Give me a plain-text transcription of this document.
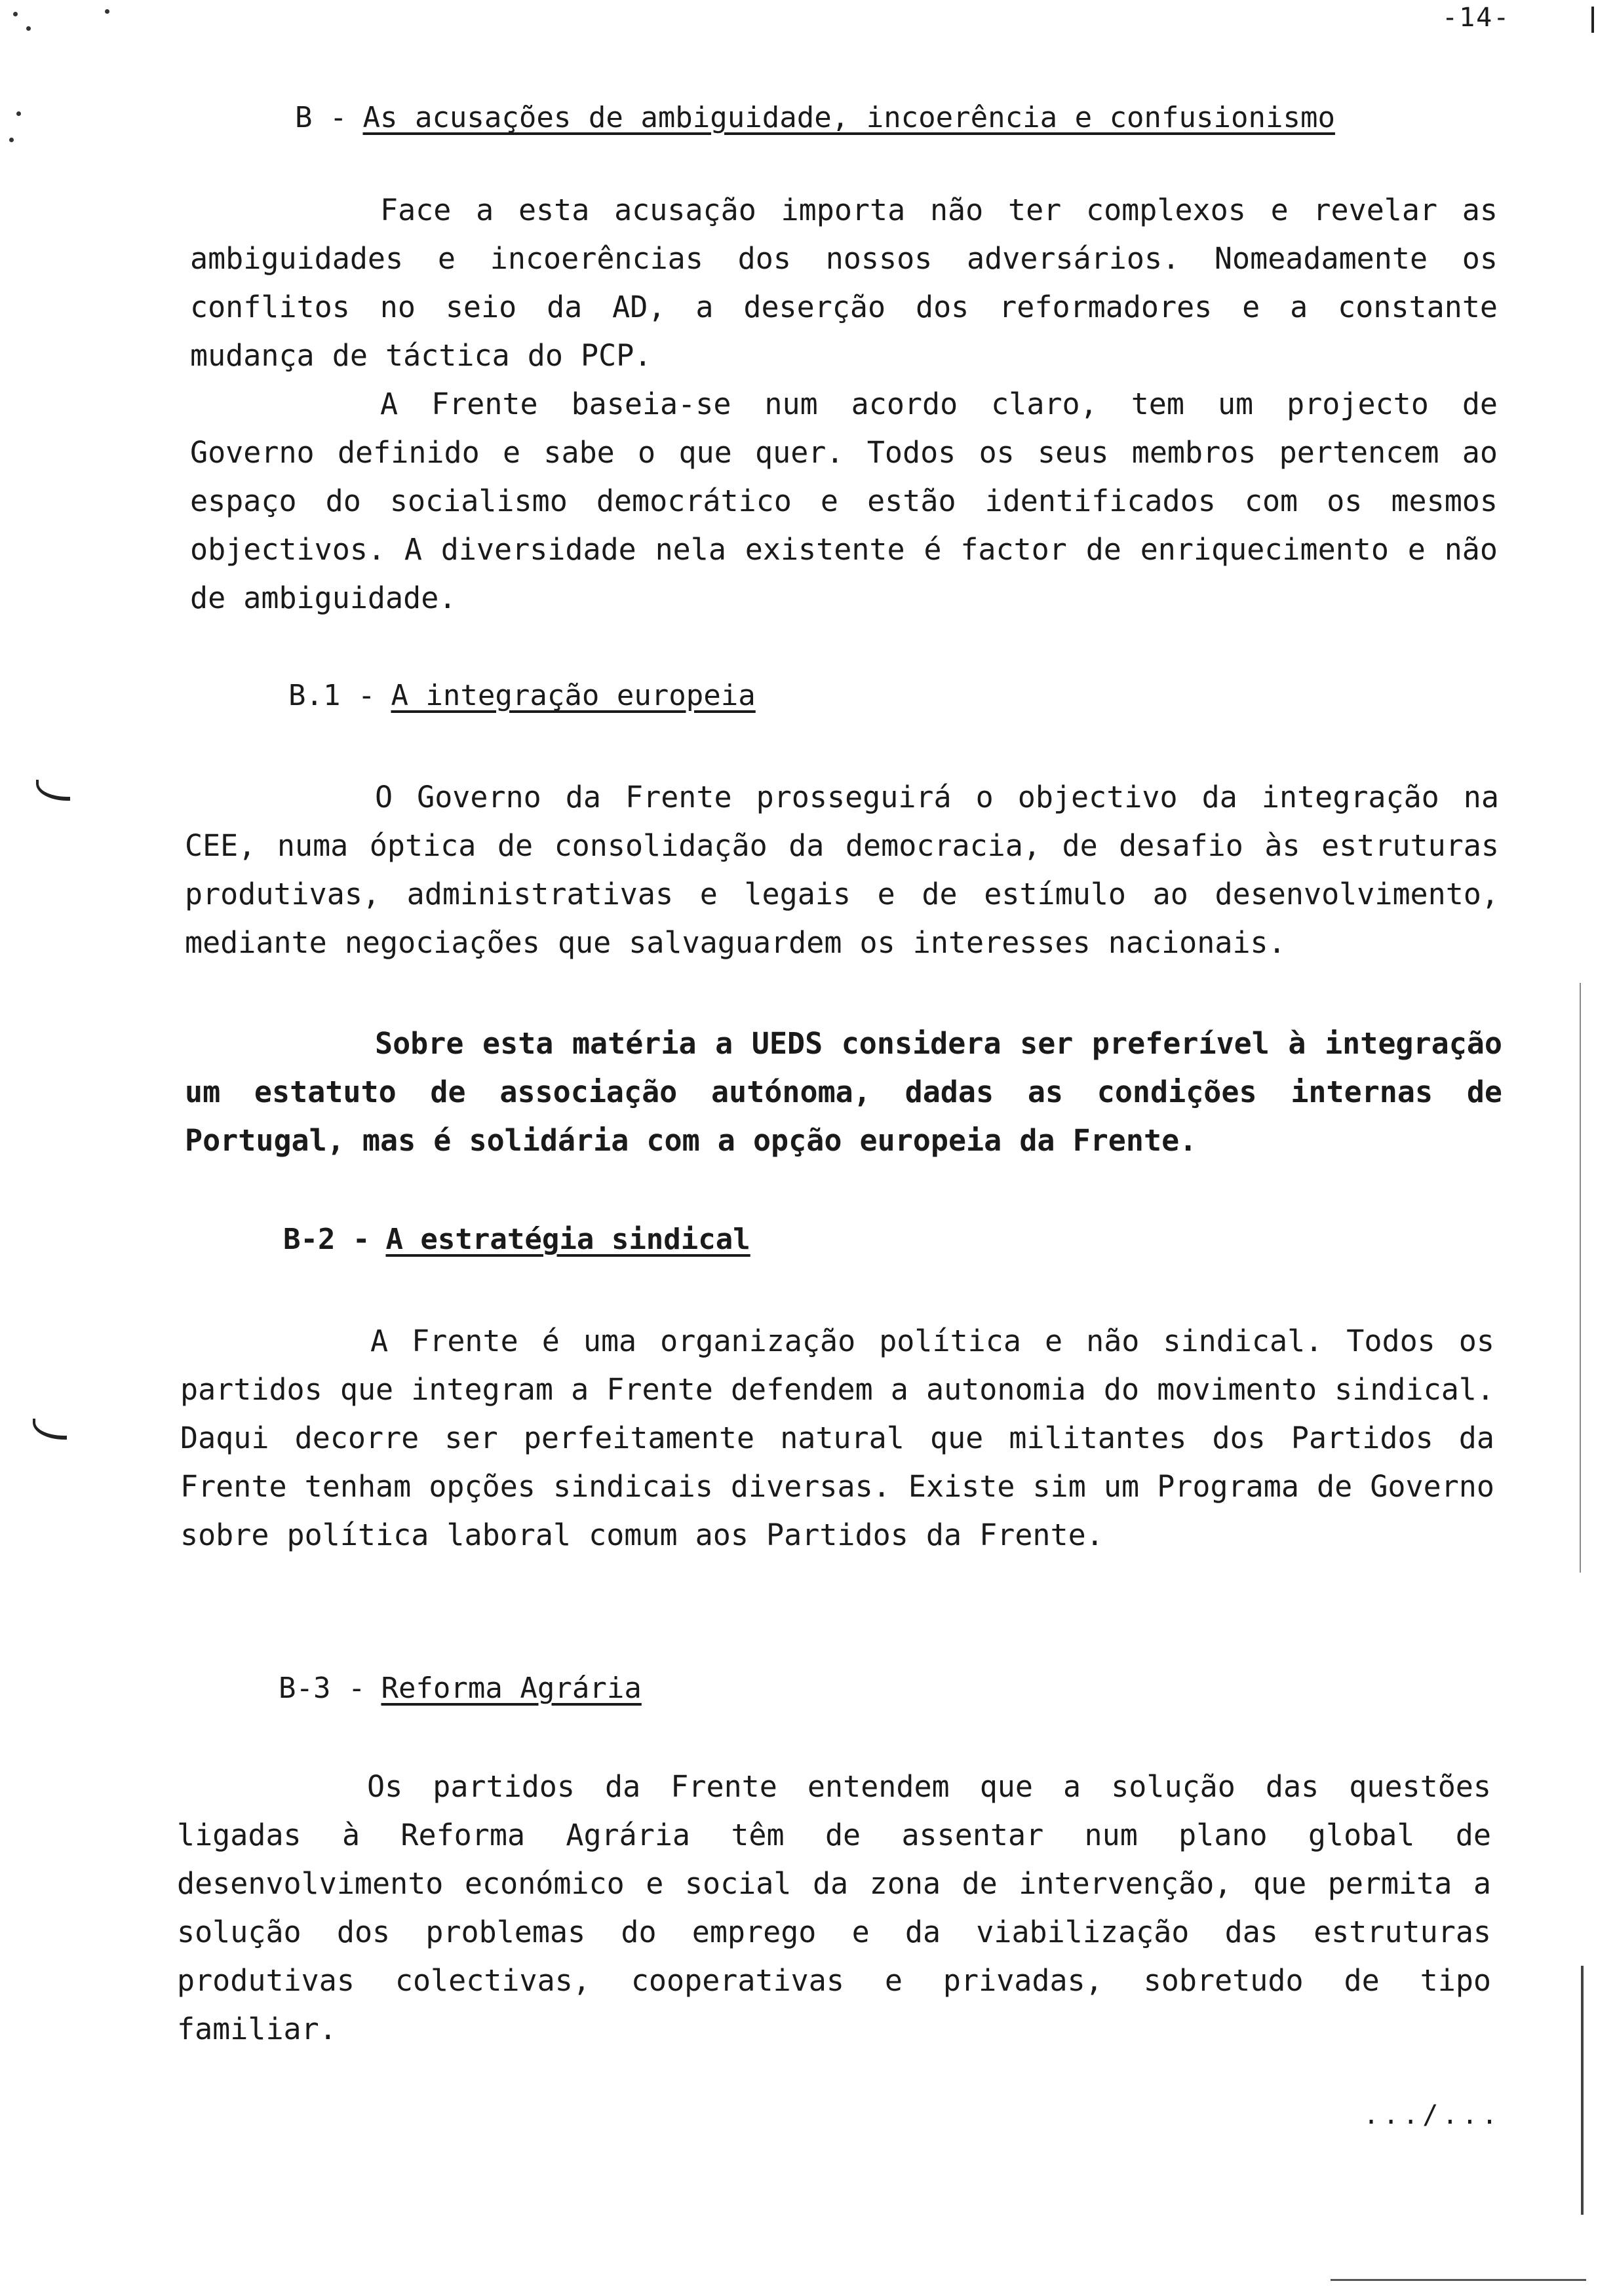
-14-
B - As acusações de ambiguidade, incoerência e confusionismo
Face a esta acusação importa não ter complexos e revelar as ambiguidades e incoerências dos nossos adversários. Nomeadamente os conflitos no seio da AD, a deserção dos reformadores e a constante mudança de táctica do PCP.
A Frente baseia-se num acordo claro, tem um projecto de Governo definido e sabe o que quer. Todos os seus membros pertencem ao espaço do socialismo democrático e estão identificados com os mesmos objectivos. A diversidade nela existente é factor de enriquecimento e não de ambiguidade.
B.1 - A integração europeia
O Governo da Frente prosseguirá o objectivo da integração na CEE, numa óptica de consolidação da democracia, de desafio às estruturas produtivas, administrativas e legais e de estímulo ao desenvolvimento, mediante negociações que salvaguardem os interesses nacionais.
Sobre esta matéria a UEDS considera ser preferível à integração um estatuto de associação autónoma, dadas as condições internas de Portugal, mas é solidária com a opção europeia da Frente.
B-2 - A estratégia sindical
A Frente é uma organização política e não sindical. Todos os partidos que integram a Frente defendem a autonomia do movimento sindical. Daqui decorre ser perfeitamente natural que militantes dos Partidos da Frente tenham opções sindicais diversas. Existe sim um Programa de Governo sobre política laboral comum aos Partidos da Frente.
B-3 - Reforma Agrária
Os partidos da Frente entendem que a solução das questões ligadas à Reforma Agrária têm de assentar num plano global de desenvolvimento económico e social da zona de intervenção, que permita a solução dos problemas do emprego e da viabilização das estruturas produtivas colectivas, cooperativas e privadas, sobretudo de tipo familiar.
.../...
